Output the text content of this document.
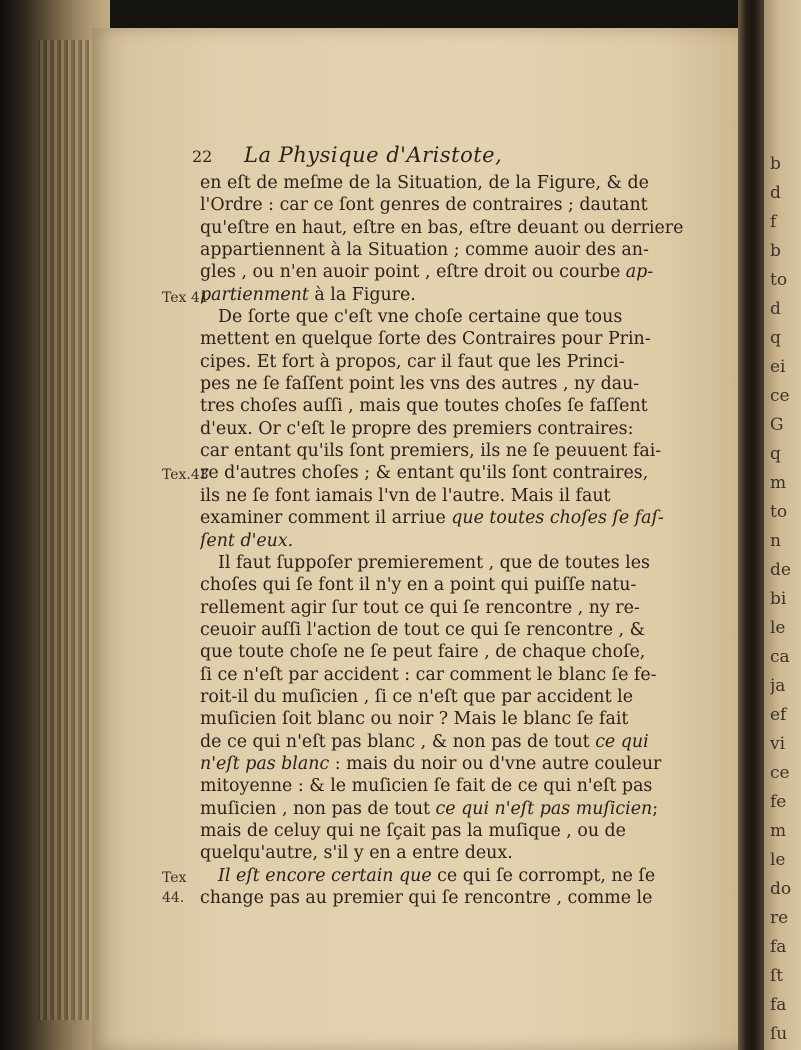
b
d
f
b
to
d
q
ei
ce
G
q
m
to
n
de
bi
le
ca
ja
ef
vi
ce
fe
m
le
do
re
fa
ſt
fa
ſu
22 La Physique d'Aristote,
Tex 41
Tex.43
Tex
44.
en eſt de meſme de la Situation, de la Figure, & de
l'Ordre : car ce ſont genres de contraires ; dautant
qu'eſtre en haut, eſtre en bas, eſtre deuant ou derriere
appartiennent à la Situation ; comme auoir des an-
gles , ou n'en auoir point , eſtre droit ou courbe ap-
partienment à la Figure.
De ſorte que c'eſt vne choſe certaine que tous
mettent en quelque ſorte des Contraires pour Prin-
cipes. Et fort à propos, car il faut que les Princi-
pes ne ſe faſſent point les vns des autres , ny dau-
tres choſes auſſi , mais que toutes choſes ſe faſſent
d'eux. Or c'eſt le propre des premiers contraires:
car entant qu'ils ſont premiers, ils ne ſe peuuent fai-
re d'autres choſes ; & entant qu'ils ſont contraires,
ils ne ſe font iamais l'vn de l'autre. Mais il faut
examiner comment il arriue que toutes choſes ſe faſ-
ſent d'eux.
Il faut ſuppoſer premierement , que de toutes les
choſes qui ſe font il n'y en a point qui puiſſe natu-
rellement agir ſur tout ce qui ſe rencontre , ny re-
ceuoir auſſi l'action de tout ce qui ſe rencontre , &
que toute choſe ne ſe peut faire , de chaque choſe,
ſi ce n'eſt par accident : car comment le blanc ſe fe-
roit-il du muſicien , ſi ce n'eſt que par accident le
muſicien ſoit blanc ou noir ? Mais le blanc ſe fait
de ce qui n'eſt pas blanc , & non pas de tout ce qui
n'eſt pas blanc : mais du noir ou d'vne autre couleur
mitoyenne : & le muſicien ſe fait de ce qui n'eſt pas
muſicien , non pas de tout ce qui n'eſt pas muſicien;
mais de celuy qui ne ſçait pas la muſique , ou de
quelqu'autre, s'il y en a entre deux.
Il eſt encore certain que ce qui ſe corrompt, ne ſe
change pas au premier qui ſe rencontre , comme le
